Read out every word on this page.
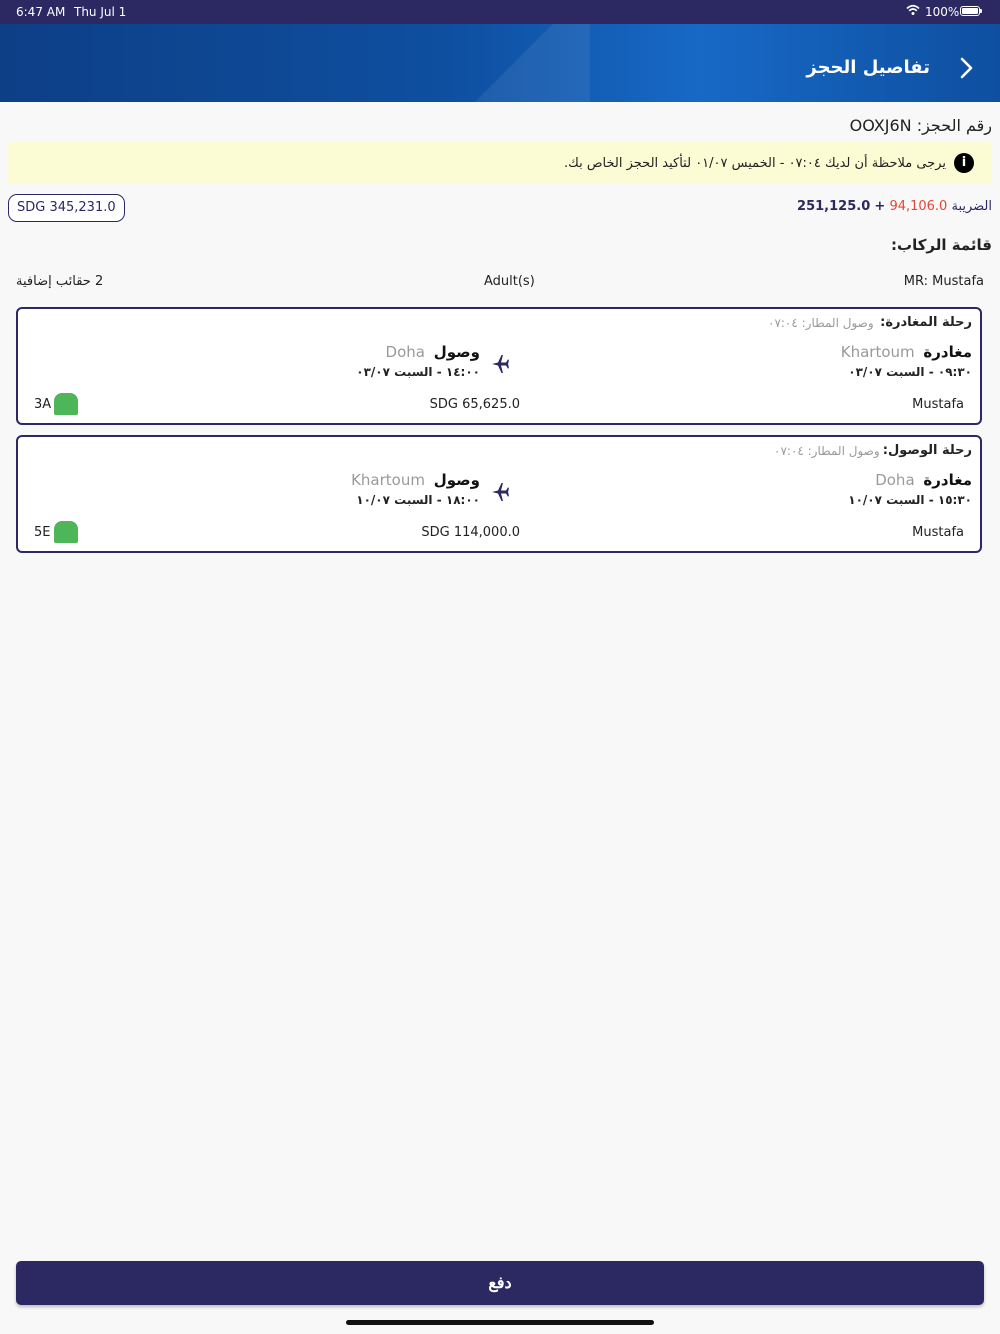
6:47 AM Thu Jul 1	100%
تفاصيل الحجز
رقم الحجز: OOXJ6N
i
يرجى ملاحظة أن لديك ٠٧:٠٤ - الخميس ٠١/٠٧ لتأكيد الحجز الخاص بك.
SDG 345,231.0	الضريبة 94,106.0 + 251,125.0
قائمة الركاب:
MR: Mustafa
Adult(s)
2 حقائب إضافية
رحلة المغادرة:
وصول المطار: ٠٧:٠٤
مغادرة Khartoum
٠٩:٣٠ - السبت ٠٣/٠٧
وصول Doha
١٤:٠٠ - السبت ٠٣/٠٧
Mustafa
SDG 65,625.0
3A
رحلة الوصول:
وصول المطار: ٠٧:٠٤
مغادرة Doha
١٥:٣٠ - السبت ١٠/٠٧
وصول Khartoum
١٨:٠٠ - السبت ١٠/٠٧
Mustafa
SDG 114,000.0
5E
دفع
